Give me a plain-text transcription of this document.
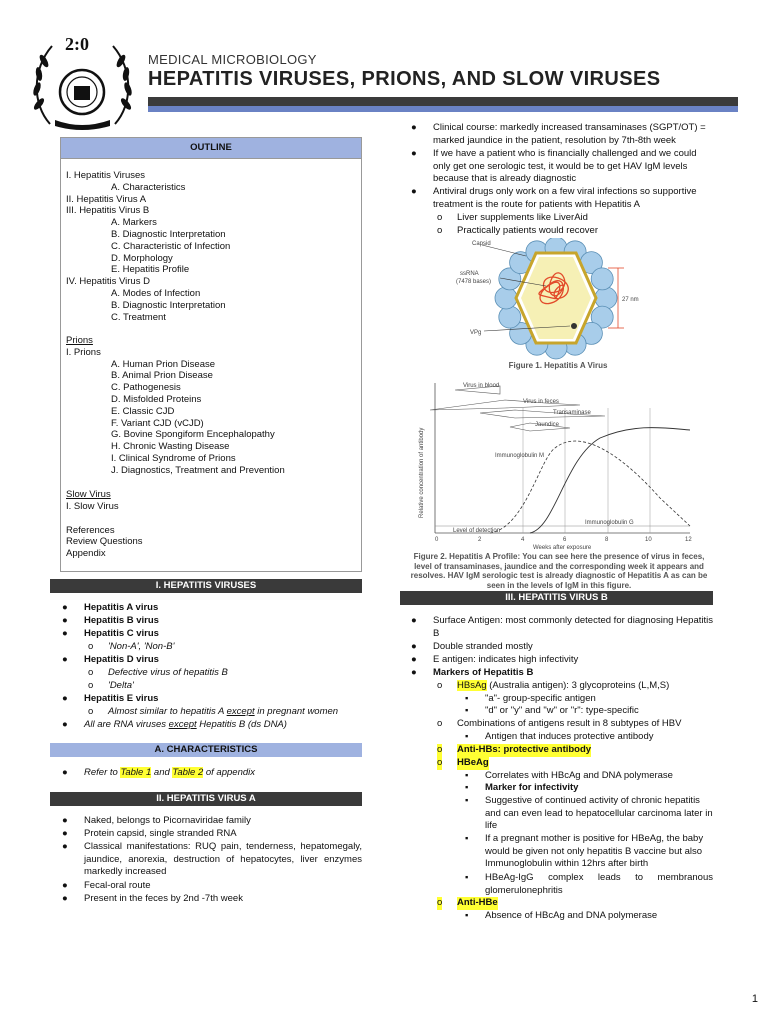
2:0
MEDICAL MICROBIOLOGY
HEPATITIS VIRUSES, PRIONS, AND SLOW VIRUSES
OUTLINE
I. Hepatitis Viruses
A. Characteristics
II. Hepatitis Virus A
III. Hepatitis Virus B
A. Markers
B. Diagnostic Interpretation
C. Characteristic of Infection
D. Morphology
E. Hepatitis Profile
IV. Hepatitis Virus D
A. Modes of Infection
B. Diagnostic Interpretation
C. Treatment
Prions
I. Prions
A. Human Prion Disease
B. Animal Prion Disease
C. Pathogenesis
D. Misfolded Proteins
E. Classic CJD
F. Variant CJD (vCJD)
G. Bovine Spongiform Encephalopathy
H. Chronic Wasting Disease
I. Clinical Syndrome of Prions
J. Diagnostics, Treatment and Prevention
Slow Virus
I. Slow Virus
References
Review Questions
Appendix
I. HEPATITIS VIRUSES
● Hepatitis A virus
● Hepatitis B virus
● Hepatitis C virus
o 'Non-A', 'Non-B'
● Hepatitis D virus
o Defective virus of hepatitis B
o 'Delta'
● Hepatitis E virus
o Almost similar to hepatitis A except in pregnant women
● All are RNA viruses except Hepatitis B (ds DNA)
A. CHARACTERISTICS
● Refer to Table 1 and Table 2 of appendix
II. HEPATITIS VIRUS A
● Naked, belongs to Picornaviridae family
● Protein capsid, single stranded RNA
● Classical manifestations: RUQ pain, tenderness, hepatomegaly, jaundice, anorexia, destruction of hepatocytes, liver enzymes markedly increased
● Fecal-oral route
● Present in the feces by 2nd -7th week
● Clinical course: markedly increased transaminases (SGPT/OT) = marked jaundice in the patient, resolution by 7th-8th week
● If we have a patient who is financially challenged and we could only get one serologic test, it would be to get HAV IgM levels because that is already diagnostic
● Antiviral drugs only work on a few viral infections so supportive treatment is the route for patients with Hepatitis A
o Liver supplements like LiverAid
o Practically patients would recover
Capsid
ssRNA
(7478 bases)
VPg
27 nm
Figure 1. Hepatitis A Virus
Virus in blood
Virus in feces
Transaminase
Jaundice
Immunoglobulin M
Immunoglobulin G
Level of detection
Relative concentration of antibody
0	2	4	6	8	10	12
Weeks after exposure
Figure 2. Hepatitis A Profile: You can see here the presence of virus in feces, level of transaminases, jaundice and the corresponding week it appears and resolves. HAV IgM serologic test is already diagnostic of Hepatitis A as can be seen in the levels of IgM in this figure.
III. HEPATITIS VIRUS B
● Surface Antigen: most commonly detected for diagnosing Hepatitis B
● Double stranded mostly
● E antigen: indicates high infectivity
● Markers of Hepatitis B
o HBsAg (Australia antigen): 3 glycoproteins (L,M,S)
▪ "a"- group-specific antigen
▪ "d" or "y" and "w" or "r": type-specific
o Combinations of antigens result in 8 subtypes of HBV
▪ Antigen that induces protective antibody
o Anti-HBs: protective antibody
o HBeAg
▪ Correlates with HBcAg and DNA polymerase
▪ Marker for infectivity
▪ Suggestive of continued activity of chronic hepatitis and can even lead to hepatocellular carcinoma later in life
▪ If a pregnant mother is positive for HBeAg, the baby would be given not only hepatitis B vaccine but also Immunoglobulin within 12hrs after birth
▪ HBeAg-IgG complex leads to membranous glomerulonephritis
o Anti-HBe
▪ Absence of HBcAg and DNA polymerase
1
